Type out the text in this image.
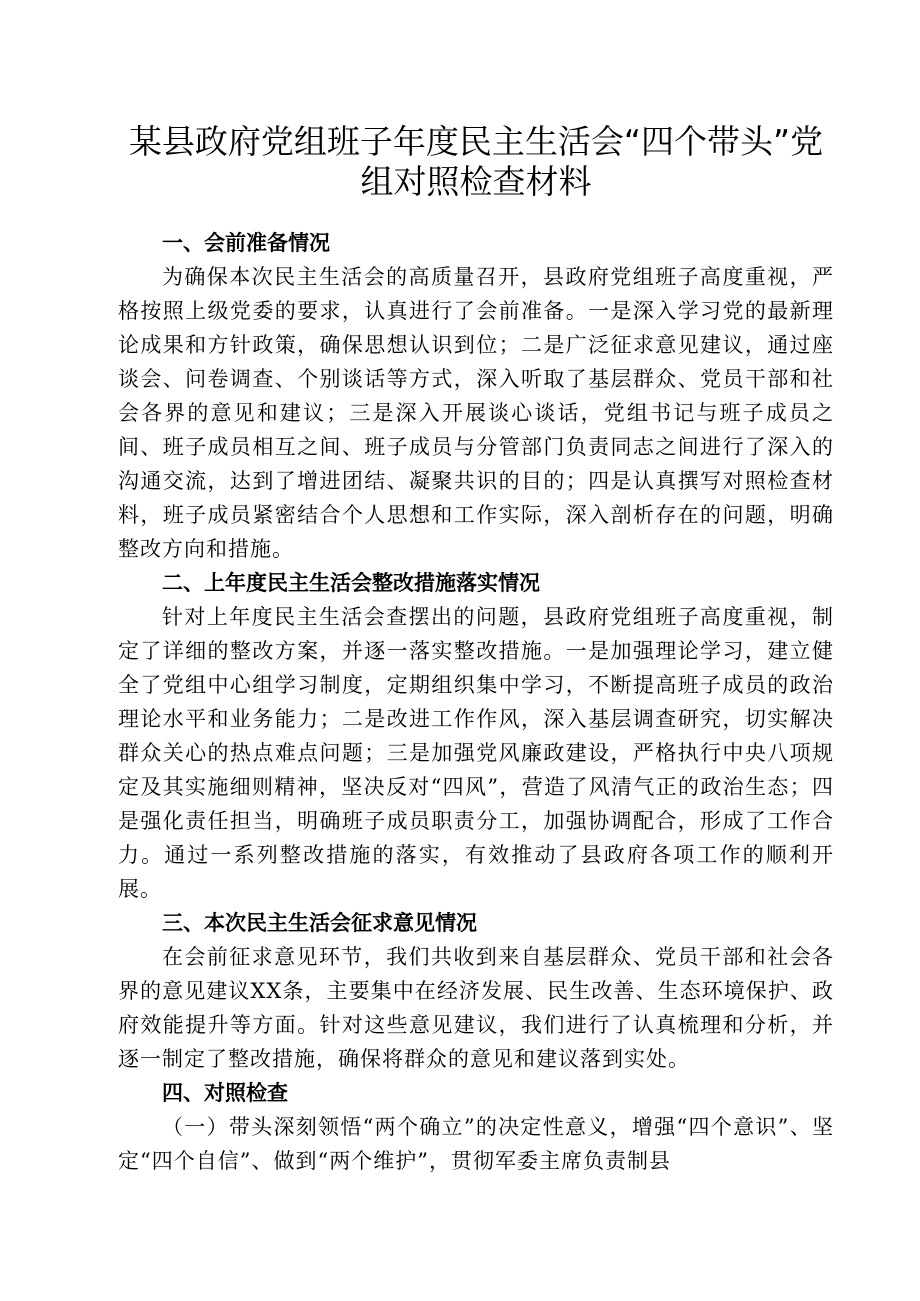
某县政府党组班子年度民主生活会“四个带头”党组对照检查材料
一、会前准备情况

为确保本次民主生活会的高质量召开，县政府党组班子高度重视，严格按照上级党委的要求，认真进行了会前准备。一是深入学习党的最新理论成果和方针政策，确保思想认识到位；二是广泛征求意见建议，通过座谈会、问卷调查、个别谈话等方式，深入听取了基层群众、党员干部和社会各界的意见和建议；三是深入开展谈心谈话，党组书记与班子成员之间、班子成员相互之间、班子成员与分管部门负责同志之间进行了深入的沟通交流，达到了增进团结、凝聚共识的目的；四是认真撰写对照检查材料，班子成员紧密结合个人思想和工作实际，深入剖析存在的问题，明确整改方向和措施。

二、上年度民主生活会整改措施落实情况

针对上年度民主生活会查摆出的问题，县政府党组班子高度重视，制定了详细的整改方案，并逐一落实整改措施。一是加强理论学习，建立健全了党组中心组学习制度，定期组织集中学习，不断提高班子成员的政治理论水平和业务能力；二是改进工作作风，深入基层调查研究，切实解决群众关心的热点难点问题；三是加强党风廉政建设，严格执行中央八项规定及其实施细则精神，坚决反对“四风”，营造了风清气正的政治生态；四是强化责任担当，明确班子成员职责分工，加强协调配合，形成了工作合力。通过一系列整改措施的落实，有效推动了县政府各项工作的顺利开展。

三、本次民主生活会征求意见情况

在会前征求意见环节，我们共收到来自基层群众、党员干部和社会各界的意见建议XX条，主要集中在经济发展、民生改善、生态环境保护、政府效能提升等方面。针对这些意见建议，我们进行了认真梳理和分析，并逐一制定了整改措施，确保将群众的意见和建议落到实处。

四、对照检查

（一）带头深刻领悟“两个确立”的决定性意义，增强“四个意识”、坚定“四个自信”、做到“两个维护”，贯彻军委主席负责制县
